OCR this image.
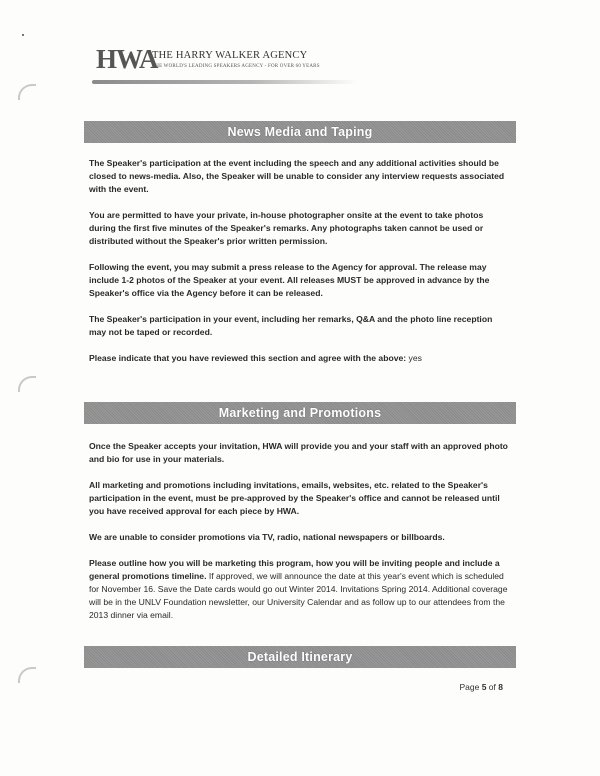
HWA
THE HARRY WALKER AGENCY
THE WORLD'S LEADING SPEAKERS AGENCY - FOR OVER 60 YEARS
News Media and Taping

The Speaker's participation at the event including the speech and any additional activities should be closed to news-media. Also, the Speaker will be unable to consider any interview requests associated with the event.

You are permitted to have your private, in-house photographer onsite at the event to take photos during the first five minutes of the Speaker's remarks. Any photographs taken cannot be used or distributed without the Speaker's prior written permission.

Following the event, you may submit a press release to the Agency for approval. The release may include 1-2 photos of the Speaker at your event. All releases MUST be approved in advance by the Speaker's office via the Agency before it can be released.

The Speaker's participation in your event, including her remarks, Q&A and the photo line reception may not be taped or recorded.

Please indicate that you have reviewed this section and agree with the above: yes

Marketing and Promotions

Once the Speaker accepts your invitation, HWA will provide you and your staff with an approved photo and bio for use in your materials.

All marketing and promotions including invitations, emails, websites, etc. related to the Speaker's participation in the event, must be pre-approved by the Speaker's office and cannot be released until you have received approval for each piece by HWA.

We are unable to consider promotions via TV, radio, national newspapers or billboards.

Please outline how you will be marketing this program, how you will be inviting people and include a general promotions timeline. If approved, we will announce the date at this year's event which is scheduled for November 16. Save the Date cards would go out Winter 2014. Invitations Spring 2014. Additional coverage will be in the UNLV Foundation newsletter, our University Calendar and as follow up to our attendees from the 2013 dinner via email.

Detailed Itinerary
Page 5 of 8
